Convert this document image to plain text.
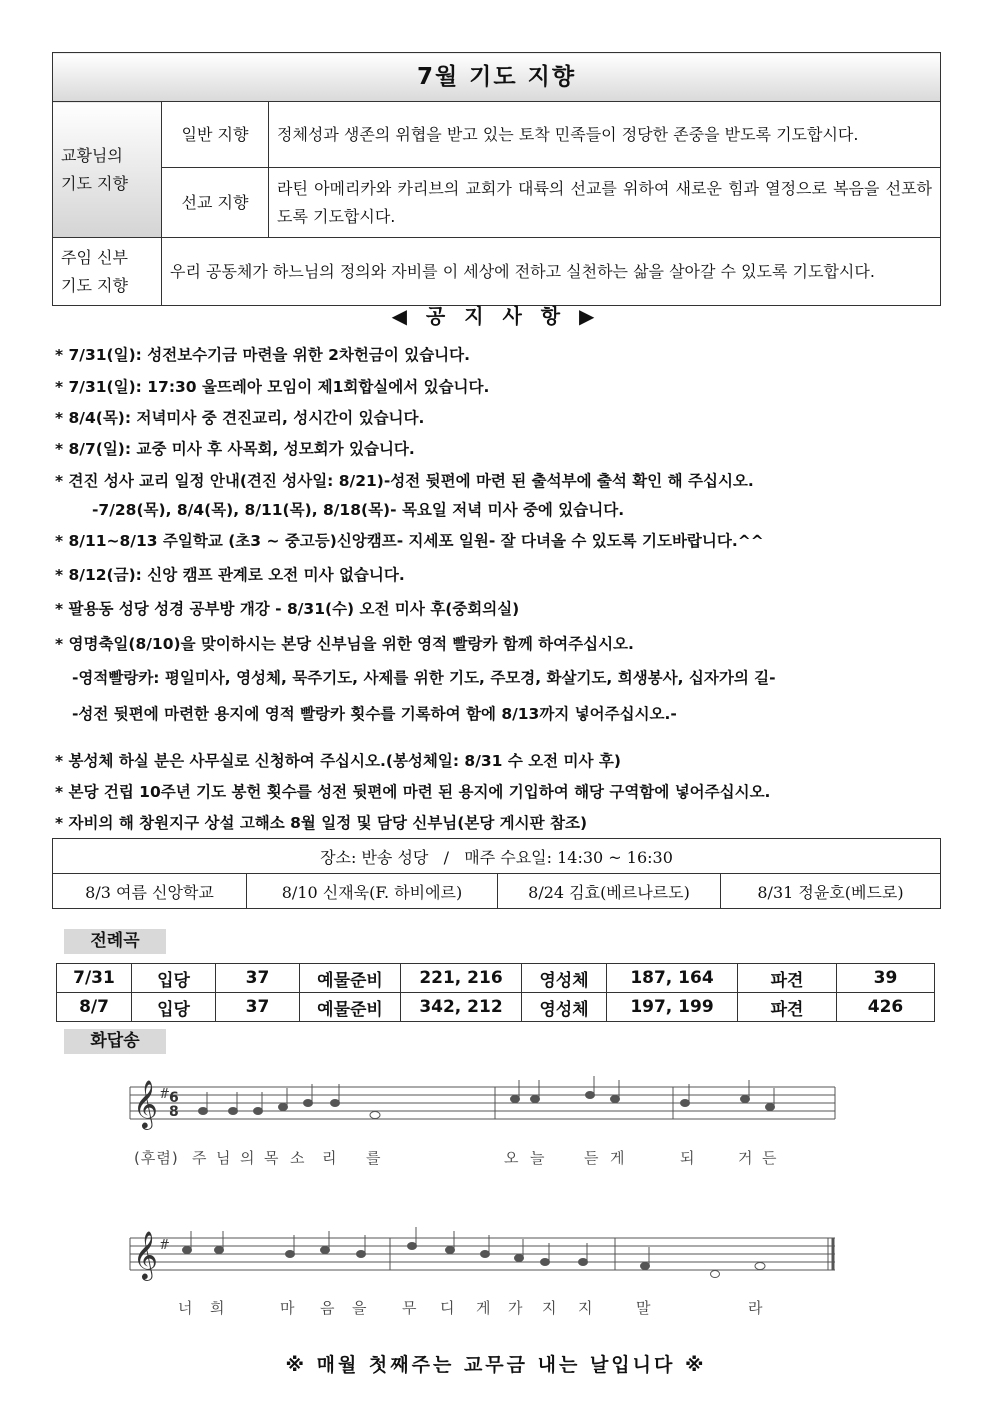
7월 기도 지향		
교황님의
기도 지향	일반 지향	정체성과 생존의 위협을 받고 있는 토착 민족들이 정당한 존중을 받도록 기도합시다.
	선교 지향	라틴 아메리카와 카리브의 교회가 대륙의 선교를 위하여 새로운 힘과 열정으로 복음을 선포하도록 기도합시다.
주임 신부
기도 지향	우리 공동체가 하느님의 정의와 자비를 이 세상에 전하고 실천하는 삶을 살아갈 수 있도록 기도합시다.	
◀ 공 지 사 항 ▶
* 7/31(일): 성전보수기금 마련을 위한 2차헌금이 있습니다.
* 7/31(일): 17:30 울뜨레아 모임이 제1회합실에서 있습니다.
* 8/4(목): 저녁미사 중 견진교리, 성시간이 있습니다.
* 8/7(일): 교중 미사 후 사목회, 성모회가 있습니다.
* 견진 성사 교리 일정 안내(견진 성사일: 8/21)-성전 뒷편에 마련 된 출석부에 출석 확인 해 주십시오.
-7/28(목), 8/4(목), 8/11(목), 8/18(목)- 목요일 저녁 미사 중에 있습니다.
* 8/11~8/13 주일학교 (초3 ~ 중고등)신앙캠프- 지세포 일원- 잘 다녀올 수 있도록 기도바랍니다.^^
* 8/12(금): 신앙 캠프 관계로 오전 미사 없습니다.
* 팔용동 성당 성경 공부방 개강 - 8/31(수) 오전 미사 후(중회의실)
* 영명축일(8/10)을 맞이하시는 본당 신부님을 위한 영적 빨랑카 함께 하여주십시오.
-영적빨랑카: 평일미사, 영성체, 묵주기도, 사제를 위한 기도, 주모경, 화살기도, 희생봉사, 십자가의 길-
-성전 뒷편에 마련한 용지에 영적 빨랑카 횟수를 기록하여 함에 8/13까지 넣어주십시오.-
* 봉성체 하실 분은 사무실로 신청하여 주십시오.(봉성체일: 8/31 수 오전 미사 후)
* 본당 건립 10주년 기도 봉헌 횟수를 성전 뒷편에 마련 된 용지에 기입하여 해당 구역함에 넣어주십시오.
* 자비의 해 창원지구 상설 고해소 8월 일정 및 담당 신부님(본당 게시판 참조)
장소: 반송 성당   /   매주 수요일: 14:30 ~ 16:30
8/3 여름 신앙학교	8/10 신재욱(F. 하비에르)	8/24 김효(베르나르도)	8/31 정윤호(베드로)
전례곡
7/31	입당	37	예물준비	221, 216	영성체	187, 164	파견	39
8/7	입당	37	예물준비	342, 212	영성체	197, 199	파견	426
화답송
𝄞 # 6
8
(후렴) 주 님 의 목 소 리 를	오 늘	듣 게	되	거 든
𝄞 #
너 희	마 음 을 무 디 게 가 지 지	말	라
※ 매월 첫째주는 교무금 내는 날입니다 ※
